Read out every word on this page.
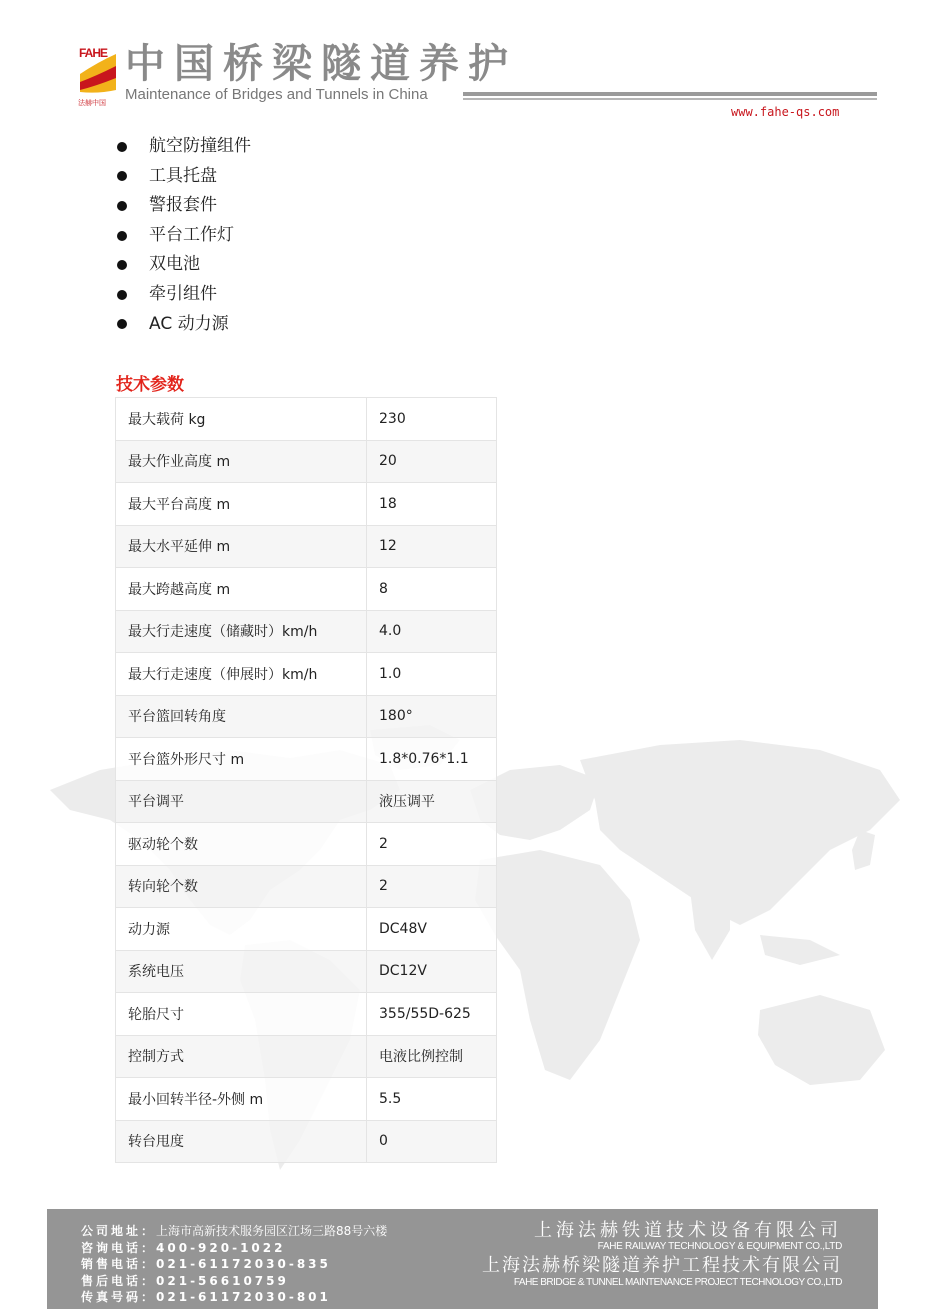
FAHE
法赫中国
中国桥梁隧道养护
Maintenance of Bridges and Tunnels in China
www.fahe-qs.com
航空防撞组件
工具托盘
警报套件
平台工作灯
双电池
牵引组件
AC 动力源
技术参数
最大载荷 kg	230
最大作业高度 m	20
最大平台高度 m	18
最大水平延伸 m	12
最大跨越高度 m	8
最大行走速度（储藏时）km/h	4.0
最大行走速度（伸展时）km/h	1.0
平台篮回转角度	180°
平台篮外形尺寸 m	1.8*0.76*1.1
平台调平	液压调平
驱动轮个数	2
转向轮个数	2
动力源	DC48V
系统电压	DC12V
轮胎尺寸	355/55D-625
控制方式	电液比例控制
最小回转半径-外侧 m	5.5
转台甩度	0
公司地址：上海市高新技术服务园区江场三路88号六楼
咨询电话：400-920-1022
销售电话：021-61172030-835
售后电话：021-56610759
传真号码：021-61172030-801
上海法赫铁道技术设备有限公司
FAHE RAILWAY TECHNOLOGY & EQUIPMENT CO.,LTD
上海法赫桥梁隧道养护工程技术有限公司
FAHE BRIDGE & TUNNEL MAINTENANCE PROJECT TECHNOLOGY CO.,LTD
